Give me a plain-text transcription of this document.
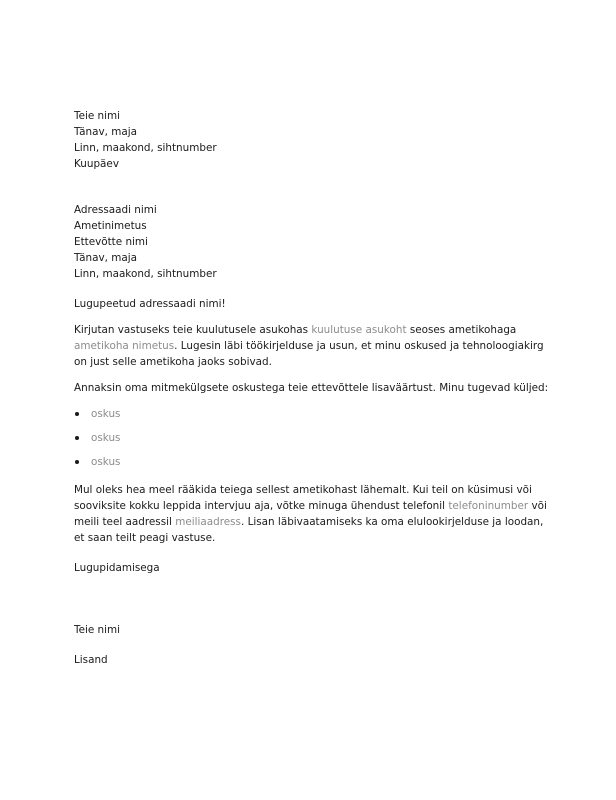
Teie nimi
Tänav, maja
Linn, maakond, sihtnumber
Kuupäev
Adressaadi nimi
Ametinimetus
Ettevõtte nimi
Tänav, maja
Linn, maakond, sihtnumber

Lugupeetud adressaadi nimi!

Kirjutan vastuseks teie kuulutusele asukohas kuulutuse asukoht seoses ametikohaga ametikoha nimetus. Lugesin läbi töökirjelduse ja usun, et minu oskused ja tehnoloogiakirg on just selle ametikoha jaoks sobivad.

Annaksin oma mitmekülgsete oskustega teie ettevõttele lisaväärtust. Minu tugevad küljed:

oskus
oskus
oskus

Mul oleks hea meel rääkida teiega sellest ametikohast lähemalt. Kui teil on küsimusi või sooviksite kokku leppida intervjuu aja, võtke minuga ühendust telefonil telefoninumber või meili teel aadressil meiliaadress. Lisan läbivaatamiseks ka oma elulookirjelduse ja loodan, et saan teilt peagi vastuse.

Lugupidamisega

Teie nimi

Lisand
